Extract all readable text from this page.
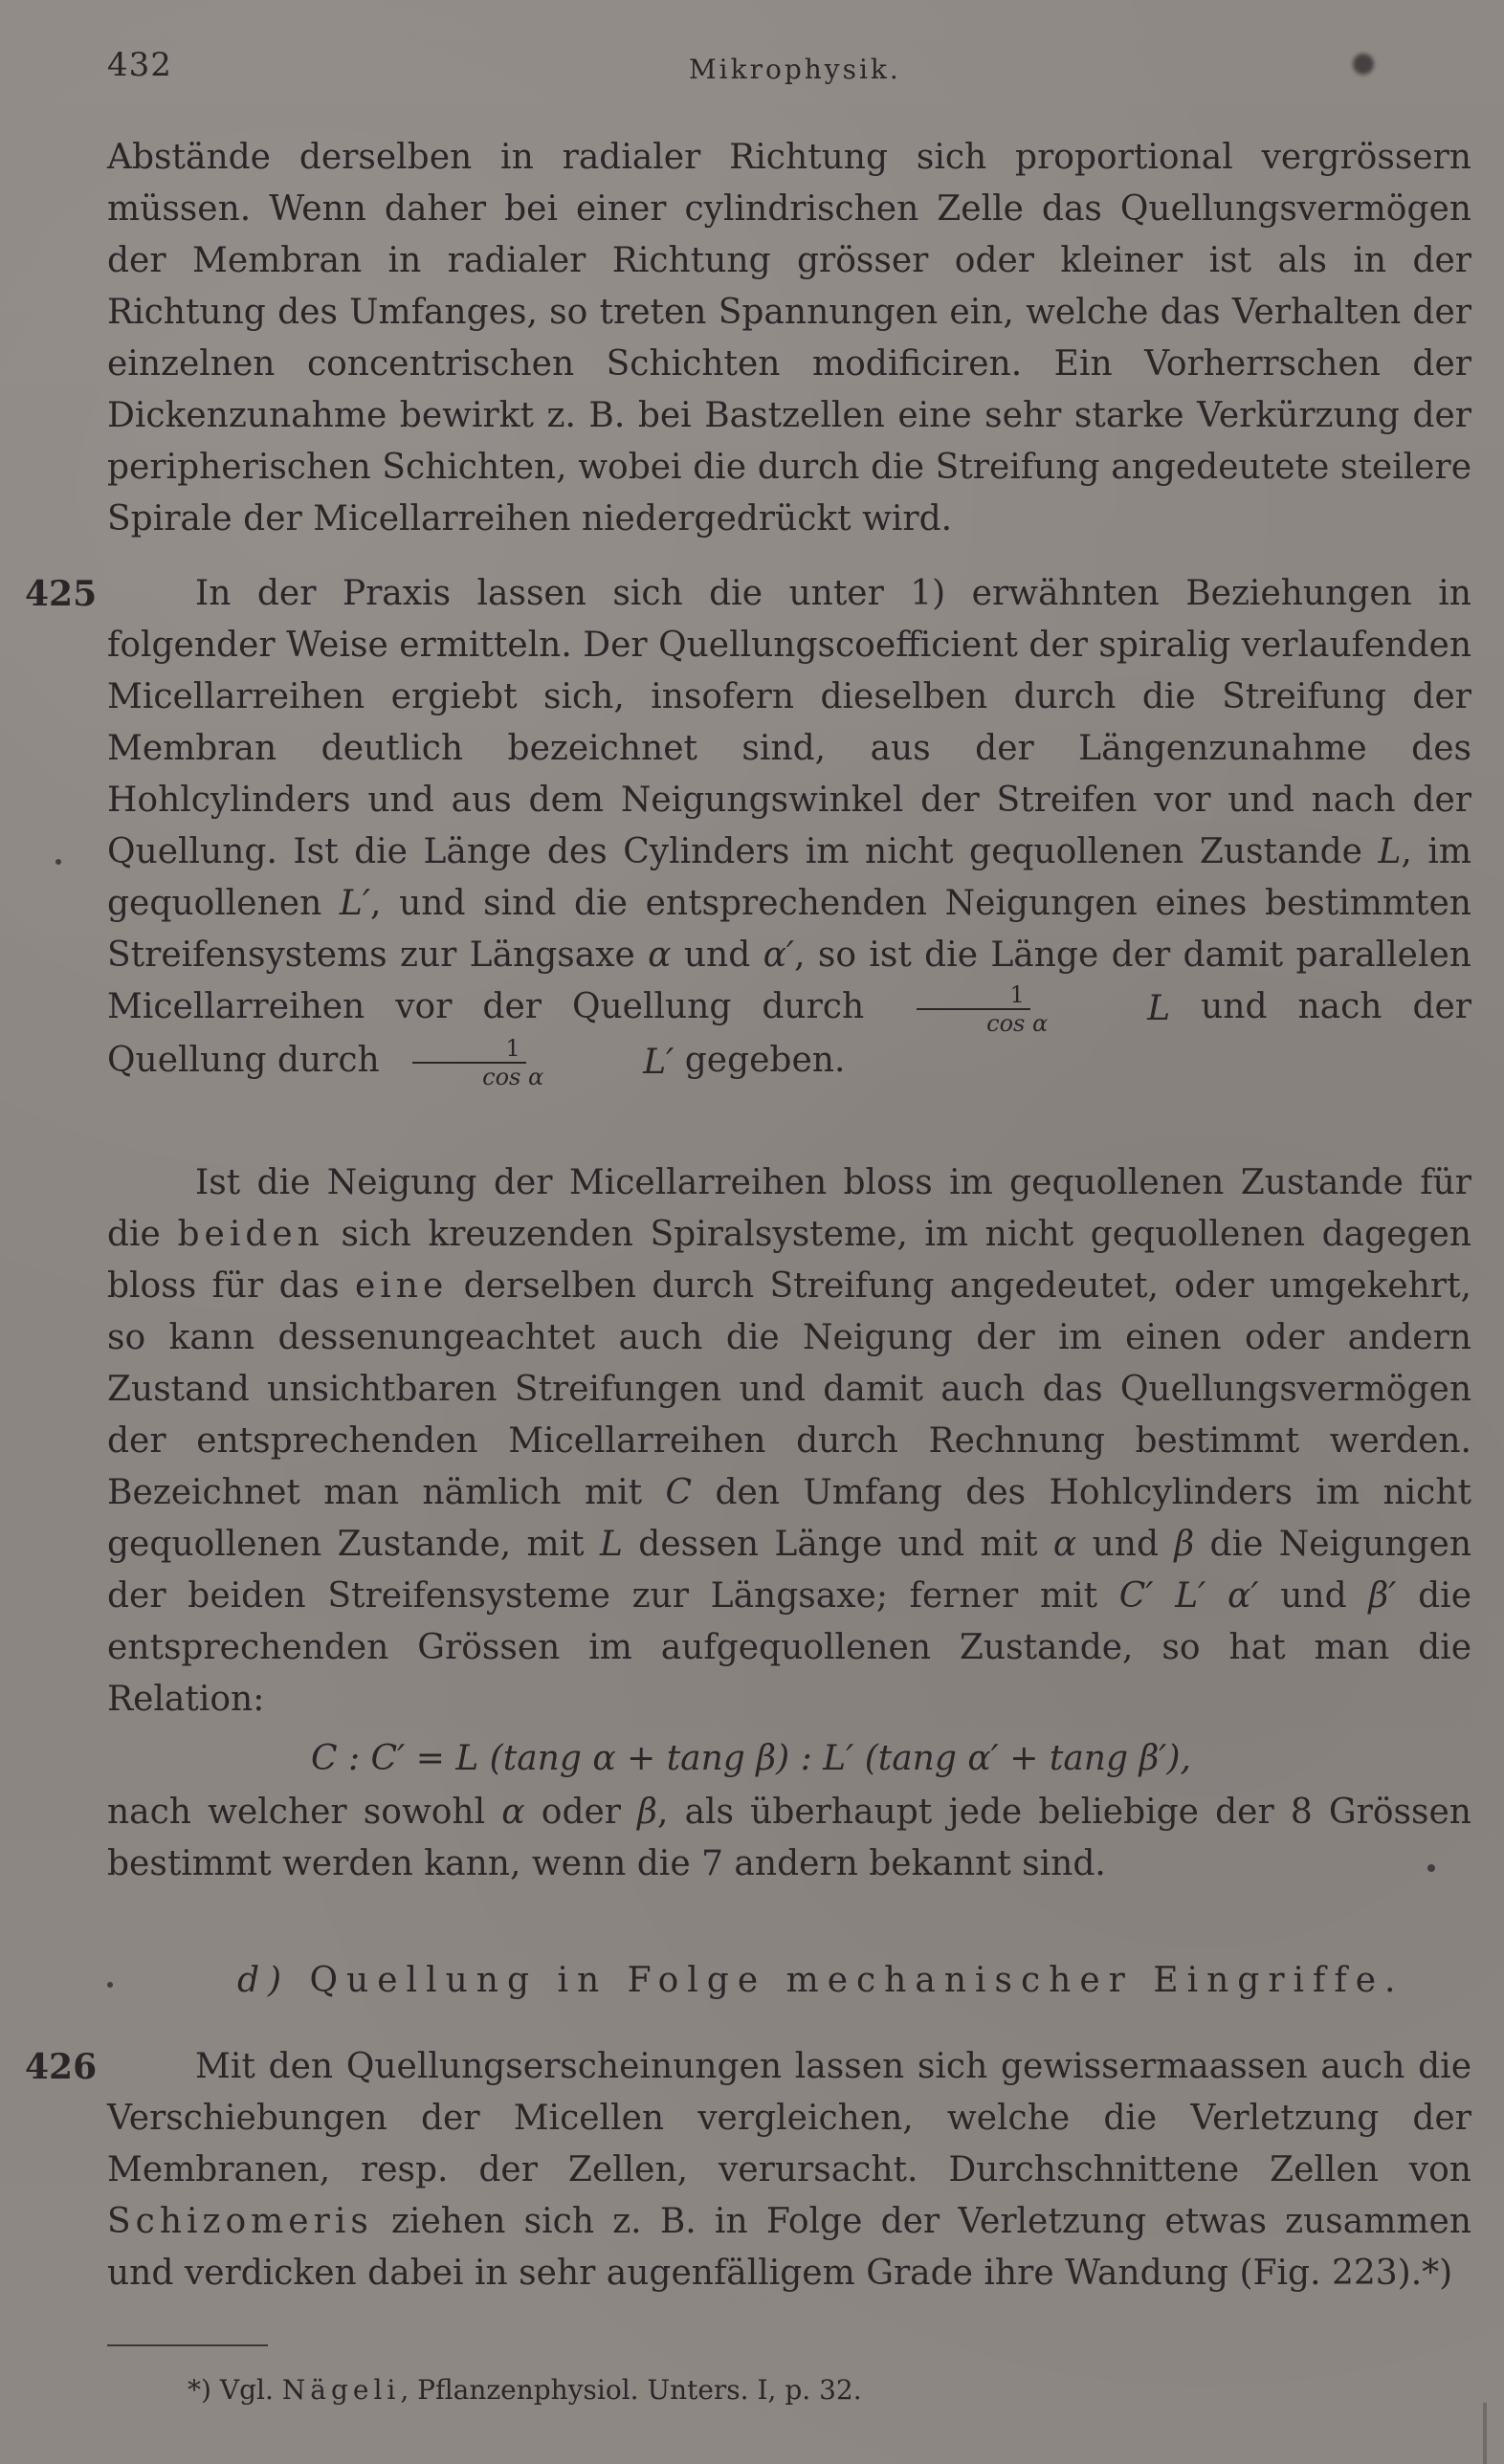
432	Mikrophysik.
Abstände derselben in radialer Richtung sich proportional vergrössern müssen. Wenn daher bei einer cylindrischen Zelle das Quellungsvermögen der Membran in radialer Richtung grösser oder kleiner ist als in der Richtung des Umfanges, so treten Spannungen ein, welche das Verhalten der einzelnen concentrischen Schichten modificiren. Ein Vorherrschen der Dickenzunahme bewirkt z. B. bei Bastzellen eine sehr starke Verkürzung der peripherischen Schichten, wobei die durch die Streifung angedeutete steilere Spirale der Micellarreihen niedergedrückt wird.
425	In der Praxis lassen sich die unter 1) erwähnten Beziehungen in folgender Weise ermitteln. Der Quellungscoefficient der spiralig verlaufenden Micellarreihen ergiebt sich, insofern dieselben durch die Streifung der Membran deutlich bezeichnet sind, aus der Längenzunahme des Hohlcylinders und aus dem Neigungswinkel der Streifen vor und nach der Quellung. Ist die Länge des Cylinders im nicht gequollenen Zustande L, im gequollenen L′, und sind die entsprechenden Neigungen eines bestimmten Streifensystems zur Längsaxe α und α′, so ist die Länge der damit parallelen Micellarreihen vor der Quellung durch $\frac{1}{\text{cos α}}$	L und nach der Quellung durch $\frac{1}{\text{cos α}}$	L′ gegeben.
Ist die Neigung der Micellarreihen bloss im gequollenen Zustande für die beiden sich kreuzenden Spiralsysteme, im nicht gequollenen dagegen bloss für das eine derselben durch Streifung angedeutet, oder umgekehrt, so kann dessenungeachtet auch die Neigung der im einen oder andern Zustand unsichtbaren Streifungen und damit auch das Quellungsvermögen der entsprechenden Micellarreihen durch Rechnung bestimmt werden. Bezeichnet man nämlich mit C den Umfang des Hohlcylinders im nicht gequollenen Zustande, mit L dessen Länge und mit α und β die Neigungen der beiden Streifensysteme zur Längsaxe; ferner mit C′ L′ α′ und β′ die entsprechenden Grössen im aufgequollenen Zustande, so hat man die Relation:
C : C′ = L (tang α + tang β) : L′ (tang α′ + tang β′),
nach welcher sowohl α oder β, als überhaupt jede beliebige der 8 Grössen bestimmt werden kann, wenn die 7 andern bekannt sind.
d) Quellung in Folge mechanischer Eingriffe.
426	Mit den Quellungserscheinungen lassen sich gewissermaassen auch die Verschiebungen der Micellen vergleichen, welche die Verletzung der Membranen, resp. der Zellen, verursacht. Durchschnittene Zellen von Schizomeris ziehen sich z. B. in Folge der Verletzung etwas zusammen und verdicken dabei in sehr augenfälligem Grade ihre Wandung (Fig. 223).*)
*) Vgl. Nägeli, Pflanzenphysiol. Unters. I, p. 32.
